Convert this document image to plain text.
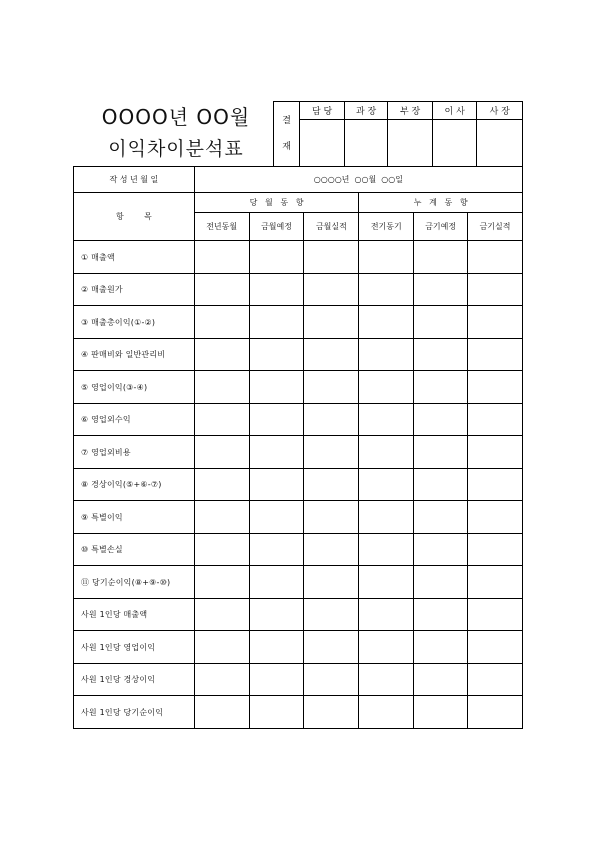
OOOO년 OO월
이익차이분석표
결
재	담 당	과 장	부 장	이 사	사 장

작 성 년 월 일	○○○○년  ○○월  ○○일					
항        목	당   월   동   향			누   계   동   향		
	전년동월	금월예정	금월실적	전기동기	금기예정	금기실적
① 매출액						
② 매출원가						
③ 매출총이익(①-②)						
④ 판매비와 일반관리비						
⑤ 영업이익(③-④)						
⑥ 영업외수익						
⑦ 영업외비용						
⑧ 경상이익(⑤+⑥-⑦)						
⑨ 특별이익						
⑩ 특별손실						
⑪ 당기순이익(⑧+⑨-⑩)						
사원 1인당 매출액						
사원 1인당 영업이익						
사원 1인당 경상이익						
사원 1인당 당기순이익						
